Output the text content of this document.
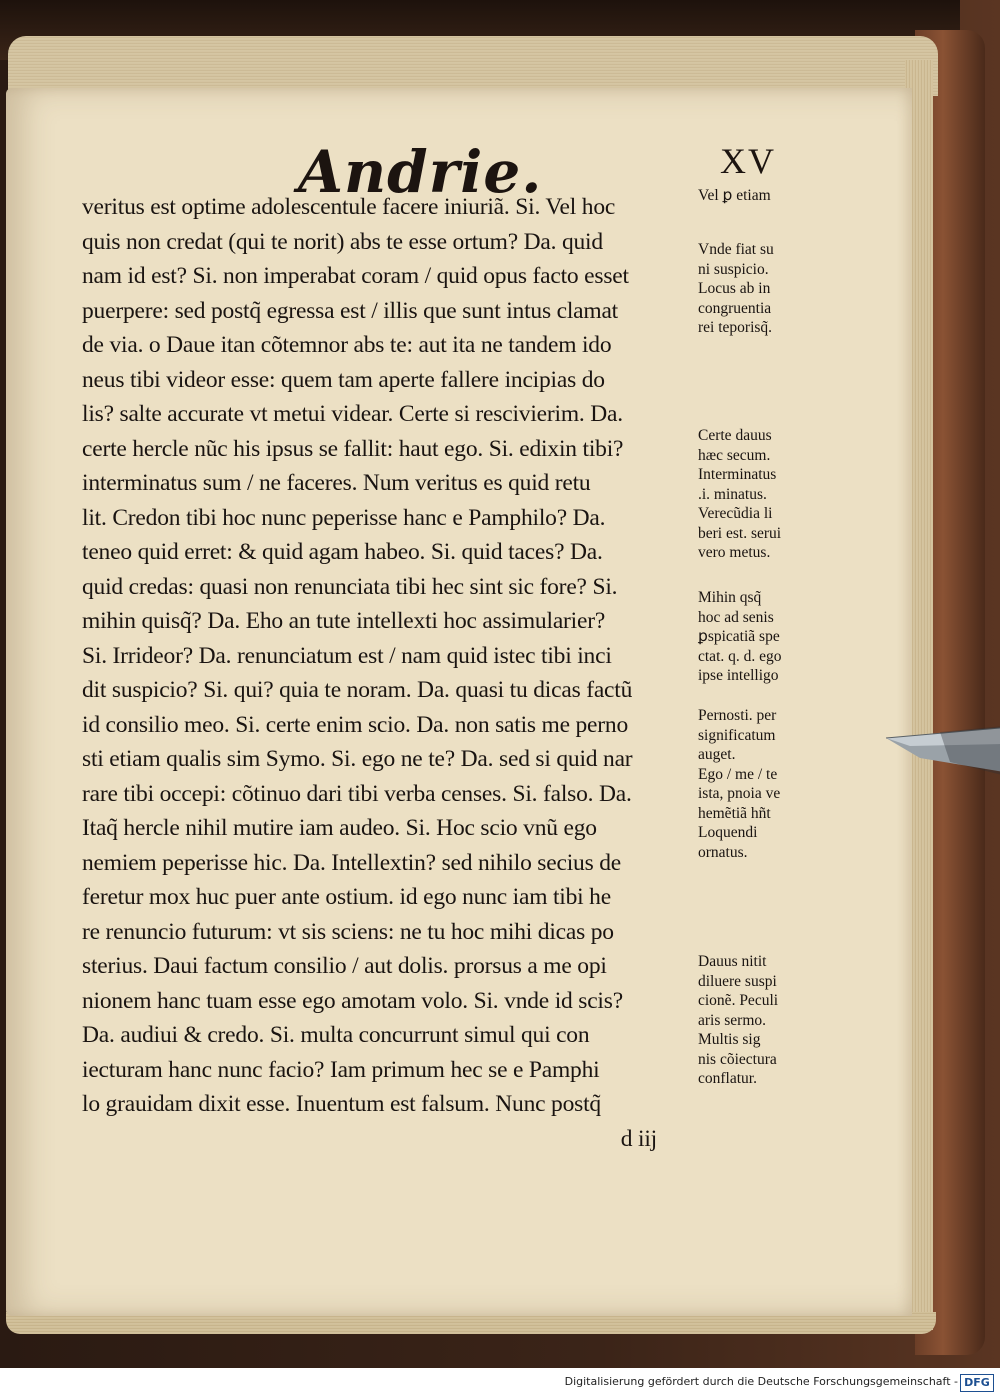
Andrie.	XV
veritus est optime adolescentule facere iniuriã. Si. Vel hoc
quis non credat (qui te norit) abs te esse ortum? Da. quid
nam id est? Si. non imperabat coram / quid opus facto esset
puerpere: sed postq̃ egressa est / illis que sunt intus clamat
de via. o Daue itan cõtemnor abs te: aut ita ne tandem ido
neus tibi videor esse: quem tam aperte fallere incipias do
lis? salte accurate vt metui videar. Certe si rescivierim. Da.
certe hercle nũc his ipsus se fallit: haut ego. Si. edixin tibi?
interminatus sum / ne faceres. Num veritus es quid retu
lit. Credon tibi hoc nunc peperisse hanc e Pamphilo? Da.
teneo quid erret: & quid agam habeo. Si. quid taces? Da.
quid credas: quasi non renunciata tibi hec sint sic fore? Si.
mihin quisq̃? Da. Eho an tute intellexti hoc assimularier?
Si. Irrideor? Da. renunciatum est / nam quid istec tibi inci
dit suspicio? Si. qui? quia te noram. Da. quasi tu dicas factũ
id consilio meo. Si. certe enim scio. Da. non satis me perno
sti etiam qualis sim Symo. Si. ego ne te? Da. sed si quid nar
rare tibi occepi: cõtinuo dari tibi verba censes. Si. falso. Da.
Itaq̃ hercle nihil mutire iam audeo. Si. Hoc scio vnũ ego
nemiem peperisse hic. Da. Intellextin? sed nihilo secius de
feretur mox huc puer ante ostium. id ego nunc iam tibi he
re renuncio futurum: vt sis sciens: ne tu hoc mihi dicas po
sterius. Daui factum consilio / aut dolis. prorsus a me opi
nionem hanc tuam esse ego amotam volo. Si. vnde id scis?
Da. audiui & credo. Si. multa concurrunt simul qui con
iecturam hanc nunc facio? Iam primum hec se e Pamphi
lo grauidam dixit esse. Inuentum est falsum. Nunc postq̃
d iij
Vel ꝑ etiam
Vnde fiat su
ni suspicio.
Locus ab in
congruentia
rei teporisq̃.
Certe dauus
hæc secum.
Interminatus
.i. minatus.
Verecũdia li
beri est. serui
vero metus.
Mihin qsq̃
hoc ad senis
ꝑspicatiã spe
ctat. q. d. ego
ipse intelligo
Pernosti. per
significatum
auget.
Ego / me / te
ista, pnoia ve
hemẽtiã hñt
Loquendi
ornatus.
Dauus nitit
diluere suspi
cionẽ. Peculi
aris sermo.
Multis sig
nis cõiectura
conflatur.
Digitalisierung gefördert durch die Deutsche Forschungsgemeinschaft - DFG
